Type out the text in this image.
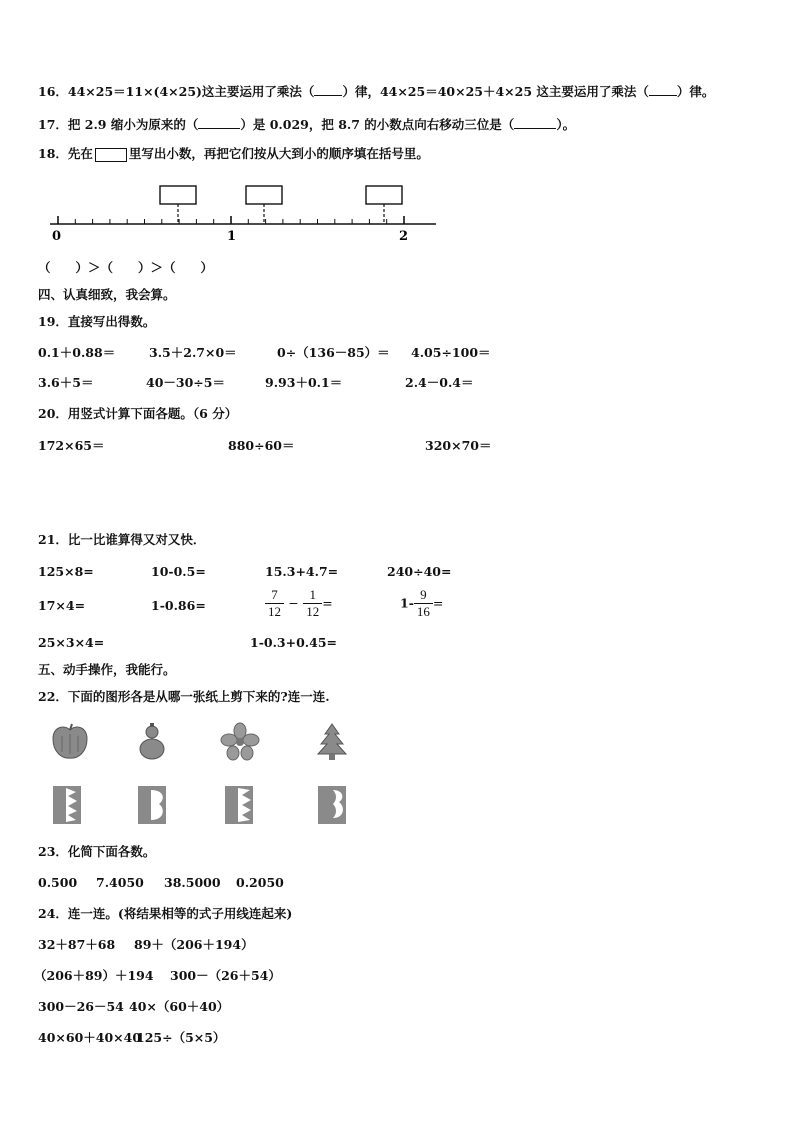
16．44×25＝11×(4×25)这主要运用了乘法（ ）律，44×25＝40×25＋4×25 这主要运用了乘法（ ）律。
17．把 2.9 缩小为原来的（	）是 0.029，把 8.7 的小数点向右移动三位是（	）。
18．先在	里写出小数，再把它们按从大到小的顺序填在括号里。
0	1	2
（　　）＞（　　）＞（　　）
四、认真细致，我会算。
19．直接写出得数。
0.1＋0.88＝	3.5＋2.7×0＝	0÷（136－85）＝ 4.05÷100＝
3.6＋5＝	40－30÷5＝	9.93＋0.1＝	2.4－0.4＝
20．用竖式计算下面各题。（6 分）
172×65＝	880÷60＝	320×70＝
21．比一比谁算得又对又快．
125×8=	10-0.5=	15.3+4.7=	240÷40=
17×4=	1-0.86=	$\frac{7}{12} - \frac{1}{12}$ =	$1- \frac{9}{16}$ =
25×3×4=	1-0.3+0.45=
五、动手操作，我能行。
22．下面的图形各是从哪一张纸上剪下来的?连一连.
23．化简下面各数。
0.500 7.4050 38.5000 0.2050
24．连一连。(将结果相等的式子用线连起来)
32＋87＋68 89＋（206＋194）
（206＋89）＋194 300－（26＋54）
300－26－54 40×（60＋40）
40×60＋40×40
125÷（5×5）
